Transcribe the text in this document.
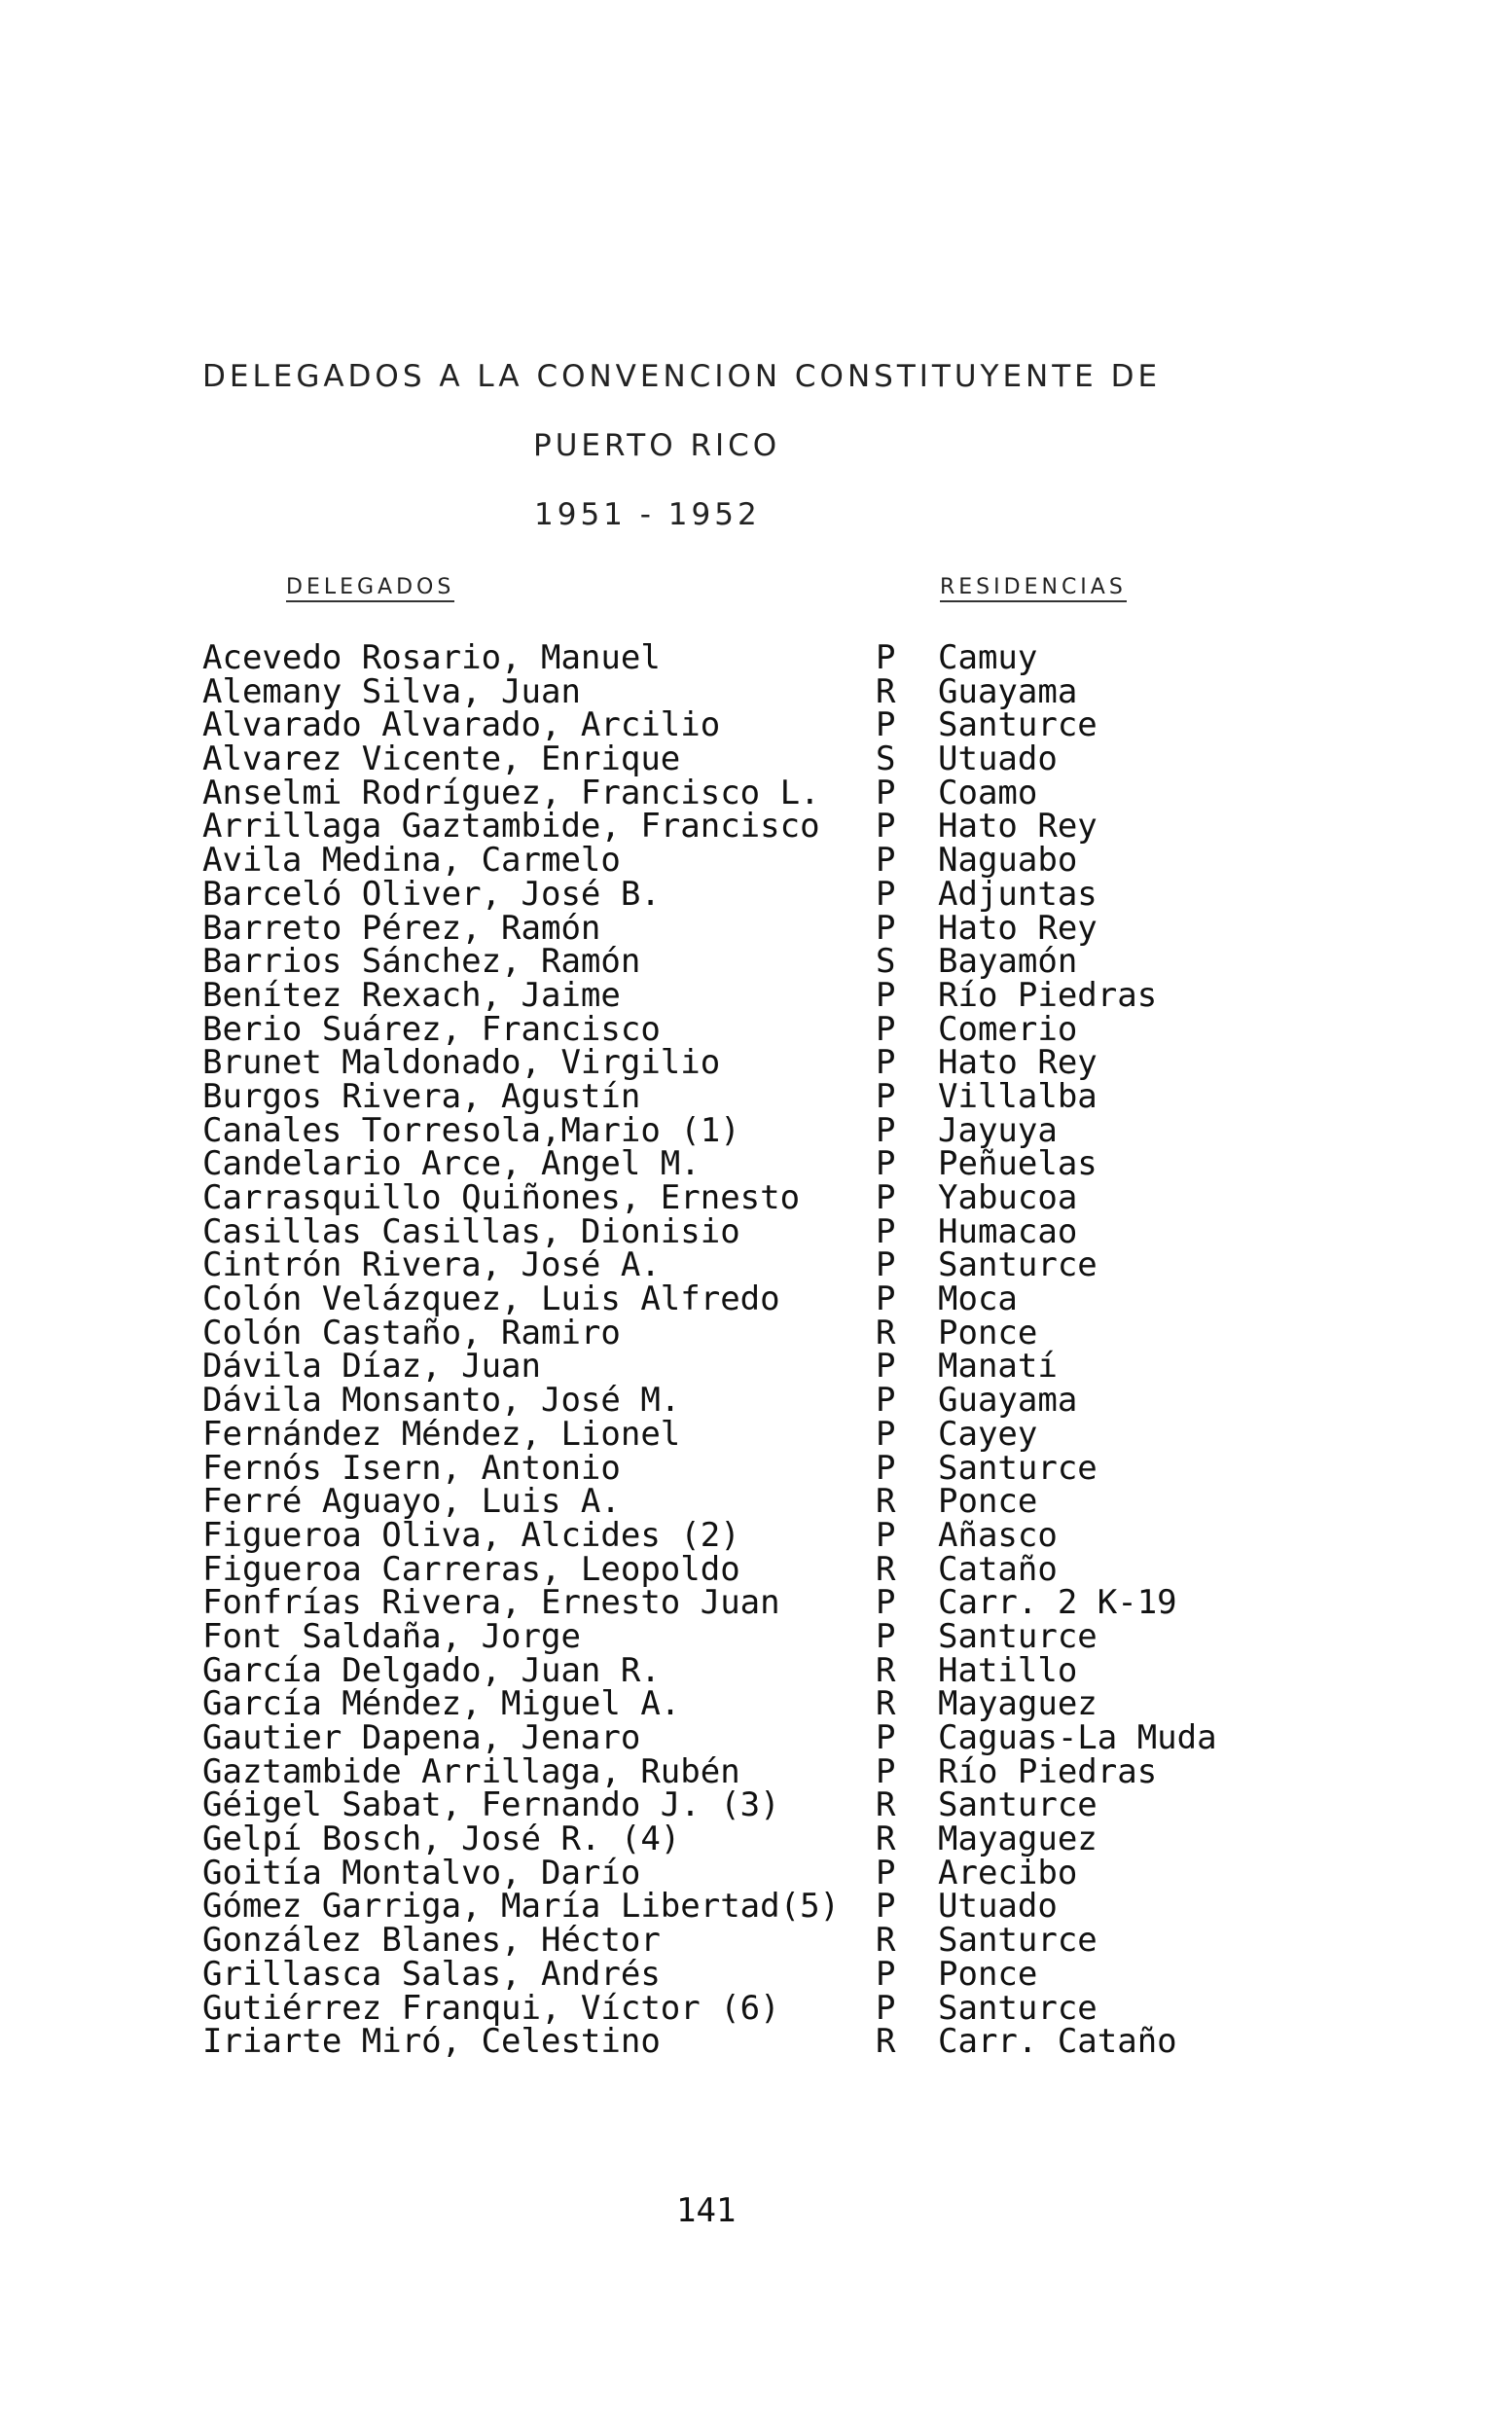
DELEGADOS A LA CONVENCION CONSTITUYENTE DE
PUERTO RICO
1951 - 1952
DELEGADOS	RESIDENCIAS
Acevedo Rosario, Manuel	P Camuy
Alemany Silva, Juan	R Guayama
Alvarado Alvarado, Arcilio	P Santurce
Alvarez Vicente, Enrique	S Utuado
Anselmi Rodríguez, Francisco L. P Coamo
Arrillaga Gaztambide, Francisco P Hato Rey
Avila Medina, Carmelo	P Naguabo
Barceló Oliver, José B.	P Adjuntas
Barreto Pérez, Ramón	P Hato Rey
Barrios Sánchez, Ramón	S Bayamón
Benítez Rexach, Jaime	P Río Piedras
Berio Suárez, Francisco	P Comerio
Brunet Maldonado, Virgilio	P Hato Rey
Burgos Rivera, Agustín	P Villalba
Canales Torresola,Mario (1)	P Jayuya
Candelario Arce, Angel M.	P Peñuelas
Carrasquillo Quiñones, Ernesto P Yabucoa
Casillas Casillas, Dionisio	P Humacao
Cintrón Rivera, José A.	P Santurce
Colón Velázquez, Luis Alfredo	P Moca
Colón Castaño, Ramiro	R Ponce
Dávila Díaz, Juan	P Manatí
Dávila Monsanto, José M.	P Guayama
Fernández Méndez, Lionel	P Cayey
Fernós Isern, Antonio	P Santurce
Ferré Aguayo, Luis A.	R Ponce
Figueroa Oliva, Alcides (2)	P Añasco
Figueroa Carreras, Leopoldo	R Cataño
Fonfrías Rivera, Ernesto Juan	P Carr. 2 K-19
Font Saldaña, Jorge	P Santurce
García Delgado, Juan R.	R Hatillo
García Méndez, Miguel A.	R Mayaguez
Gautier Dapena, Jenaro	P Caguas-La Muda
Gaztambide Arrillaga, Rubén	P Río Piedras
Géigel Sabat, Fernando J. (3)	R Santurce
Gelpí Bosch, José R. (4)	R Mayaguez
Goitía Montalvo, Darío	P Arecibo
Gómez Garriga, María Libertad(5) P Utuado
González Blanes, Héctor	R Santurce
Grillasca Salas, Andrés	P Ponce
Gutiérrez Franqui, Víctor (6)	P Santurce
Iriarte Miró, Celestino	R Carr. Cataño
141
